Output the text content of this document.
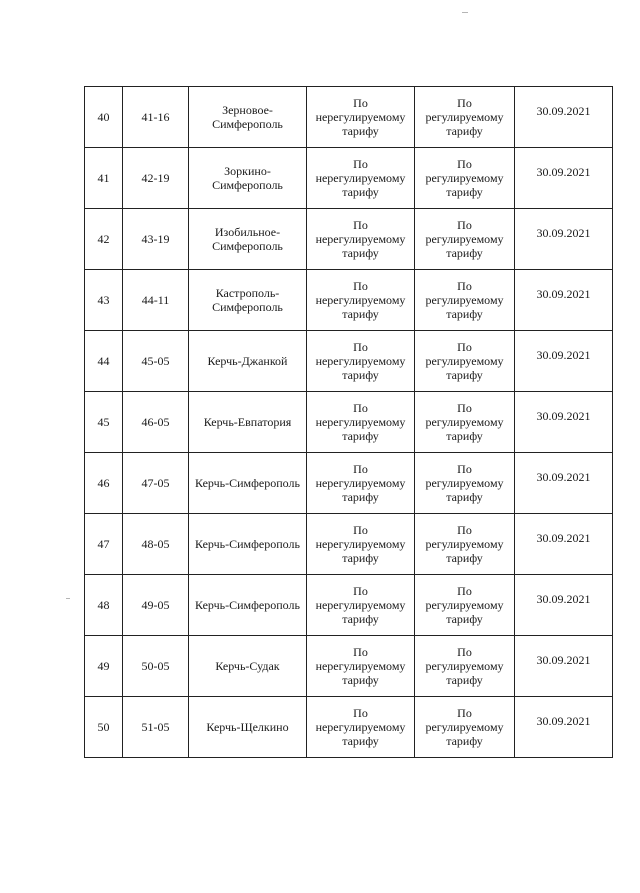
40	41-16	Зерновое-
Симферополь	По
нерегулируемому
тарифу	По
регулируемому
тарифу	30.09.2021
41	42-19	Зоркино-
Симферополь	По
нерегулируемому
тарифу	По
регулируемому
тарифу	30.09.2021
42	43-19	Изобильное-
Симферополь	По
нерегулируемому
тарифу	По
регулируемому
тарифу	30.09.2021
43	44-11	Кастрополь-
Симферополь	По
нерегулируемому
тарифу	По
регулируемому
тарифу	30.09.2021
44	45-05	Керчь-Джанкой	По
нерегулируемому
тарифу	По
регулируемому
тарифу	30.09.2021
45	46-05	Керчь-Евпатория	По
нерегулируемому
тарифу	По
регулируемому
тарифу	30.09.2021
46	47-05	Керчь-Симферополь	По
нерегулируемому
тарифу	По
регулируемому
тарифу	30.09.2021
47	48-05	Керчь-Симферополь	По
нерегулируемому
тарифу	По
регулируемому
тарифу	30.09.2021
48	49-05	Керчь-Симферополь	По
нерегулируемому
тарифу	По
регулируемому
тарифу	30.09.2021
49	50-05	Керчь-Судак	По
нерегулируемому
тарифу	По
регулируемому
тарифу	30.09.2021
50	51-05	Керчь-Щелкино	По
нерегулируемому
тарифу	По
регулируемому
тарифу	30.09.2021
